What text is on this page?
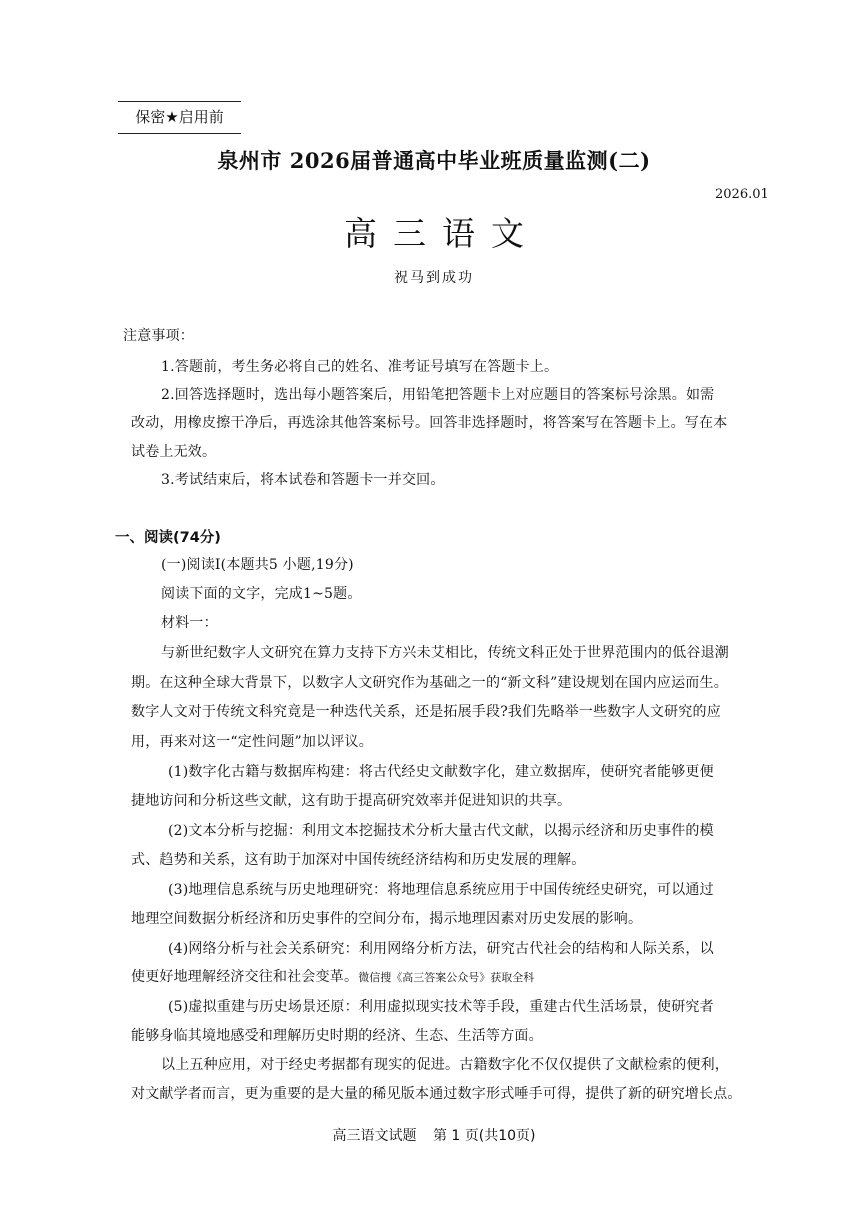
保密★启用前
泉州市 2026届普通高中毕业班质量监测(二)
2026.01
高三语文
祝马到成功
注意事项：
1.答题前，考生务必将自己的姓名、准考证号填写在答题卡上。
2.回答选择题时，选出每小题答案后，用铅笔把答题卡上对应题目的答案标号涂黑。如需
改动，用橡皮擦干净后，再选涂其他答案标号。回答非选择题时，将答案写在答题卡上。写在本
试卷上无效。
3.考试结束后，将本试卷和答题卡一并交回。
一、阅读(74分)
(一)阅读Ⅰ(本题共5 小题,19分)
阅读下面的文字，完成1~5题。
材料一：
与新世纪数字人文研究在算力支持下方兴未艾相比，传统文科正处于世界范围内的低谷退潮
期。在这种全球大背景下，以数字人文研究作为基础之一的“新文科”建设规划在国内应运而生。
数字人文对于传统文科究竟是一种迭代关系，还是拓展手段?我们先略举一些数字人文研究的应
用，再来对这一“定性问题”加以评议。
(1)数字化古籍与数据库构建：将古代经史文献数字化，建立数据库，使研究者能够更便
捷地访问和分析这些文献，这有助于提高研究效率并促进知识的共享。
(2)文本分析与挖掘：利用文本挖掘技术分析大量古代文献，以揭示经济和历史事件的模
式、趋势和关系，这有助于加深对中国传统经济结构和历史发展的理解。
(3)地理信息系统与历史地理研究：将地理信息系统应用于中国传统经史研究，可以通过
地理空间数据分析经济和历史事件的空间分布，揭示地理因素对历史发展的影响。
(4)网络分析与社会关系研究：利用网络分析方法，研究古代社会的结构和人际关系，以
使更好地理解经济交往和社会变革。微信搜《高三答案公众号》获取全科
(5)虚拟重建与历史场景还原：利用虚拟现实技术等手段，重建古代生活场景，使研究者
能够身临其境地感受和理解历史时期的经济、生态、生活等方面。
以上五种应用，对于经史考据都有现实的促进。古籍数字化不仅仅提供了文献检索的便利，
对文献学者而言，更为重要的是大量的稀见版本通过数字形式唾手可得，提供了新的研究增长点。
高三语文试题 第 1 页(共10页)
